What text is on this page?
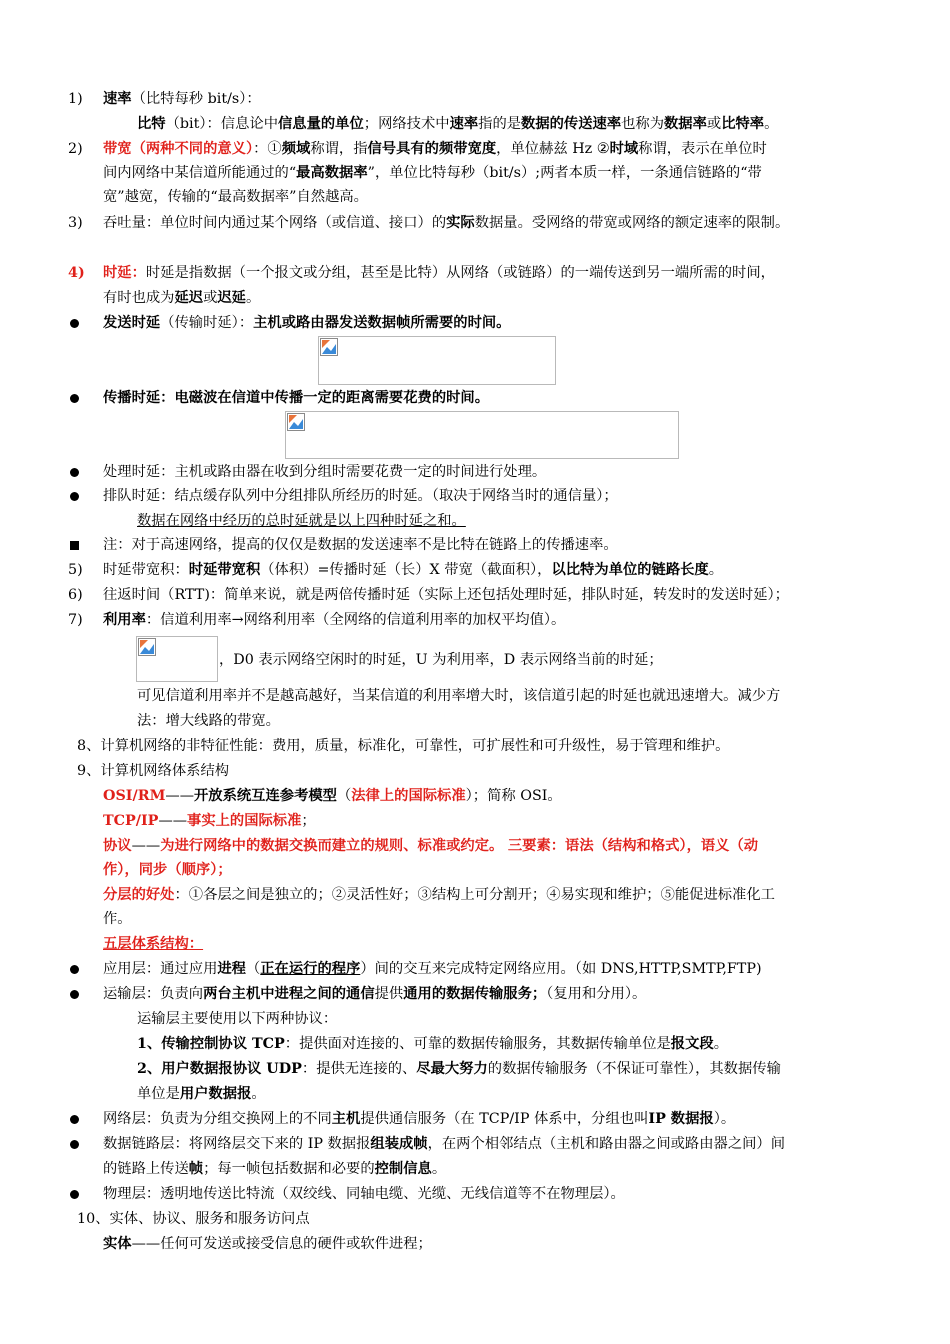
1) 速率（比特每秒 bit/s）：
比特（bit）：信息论中信息量的单位；网络技术中速率指的是数据的传送速率也称为数据率或比特率。
2) 带宽（两种不同的意义）：①频域称谓，指信号具有的频带宽度，单位赫兹 Hz ②时域称谓，表示在单位时
间内网络中某信道所能通过的“最高数据率”，单位比特每秒（bit/s）;两者本质一样，一条通信链路的“带
宽”越宽，传输的“最高数据率”自然越高。
3) 吞吐量：单位时间内通过某个网络（或信道、接口）的实际数据量。受网络的带宽或网络的额定速率的限制。
4) 时延：时延是指数据（一个报文或分组，甚至是比特）从网络（或链路）的一端传送到另一端所需的时间，
有时也成为延迟或迟延。
发送时延（传输时延）：主机或路由器发送数据帧所需要的时间。
传播时延：电磁波在信道中传播一定的距离需要花费的时间。
处理时延：主机或路由器在收到分组时需要花费一定的时间进行处理。
排队时延：结点缓存队列中分组排队所经历的时延。（取决于网络当时的通信量）；
数据在网络中经历的总时延就是以上四种时延之和。
注：对于高速网络，提高的仅仅是数据的发送速率不是比特在链路上的传播速率。
5) 时延带宽积：时延带宽积（体积）=传播时延（长）X 带宽（截面积），以比特为单位的链路长度。
6) 往返时间（RTT)：简单来说，就是两倍传播时延（实际上还包括处理时延，排队时延，转发时的发送时延）；
7) 利用率：信道利用率→网络利用率（全网络的信道利用率的加权平均值）。
，D0 表示网络空闲时的时延，U 为利用率，D 表示网络当前的时延；
可见信道利用率并不是越高越好，当某信道的利用率增大时，该信道引起的时延也就迅速增大。减少方
法：增大线路的带宽。
8、计算机网络的非特征性能：费用，质量，标准化，可靠性，可扩展性和可升级性，易于管理和维护。
9、计算机网络体系结构
OSI/RM——开放系统互连参考模型（法律上的国际标准）；简称 OSI。
TCP/IP——事实上的国际标准；
协议——为进行网络中的数据交换而建立的规则、标准或约定。 三要素：语法（结构和格式），语义（动
作），同步（顺序）；
分层的好处：①各层之间是独立的；②灵活性好；③结构上可分割开；④易实现和维护；⑤能促进标准化工
作。
五层体系结构：
应用层：通过应用进程（正在运行的程序）间的交互来完成特定网络应用。（如 DNS,HTTP,SMTP,FTP)
运输层：负责向两台主机中进程之间的通信提供通用的数据传输服务；（复用和分用）。
运输层主要使用以下两种协议：
1、传输控制协议 TCP：提供面对连接的、可靠的数据传输服务，其数据传输单位是报文段。
2、用户数据报协议 UDP：提供无连接的、尽最大努力的数据传输服务（不保证可靠性），其数据传输
单位是用户数据报。
网络层：负责为分组交换网上的不同主机提供通信服务（在 TCP/IP 体系中，分组也叫IP 数据报）。
数据链路层：将网络层交下来的 IP 数据报组装成帧，在两个相邻结点（主机和路由器之间或路由器之间）间
的链路上传送帧；每一帧包括数据和必要的控制信息。
物理层：透明地传送比特流（双绞线、同轴电缆、光缆、无线信道等不在物理层）。
10、实体、协议、服务和服务访问点
实体——任何可发送或接受信息的硬件或软件进程；
